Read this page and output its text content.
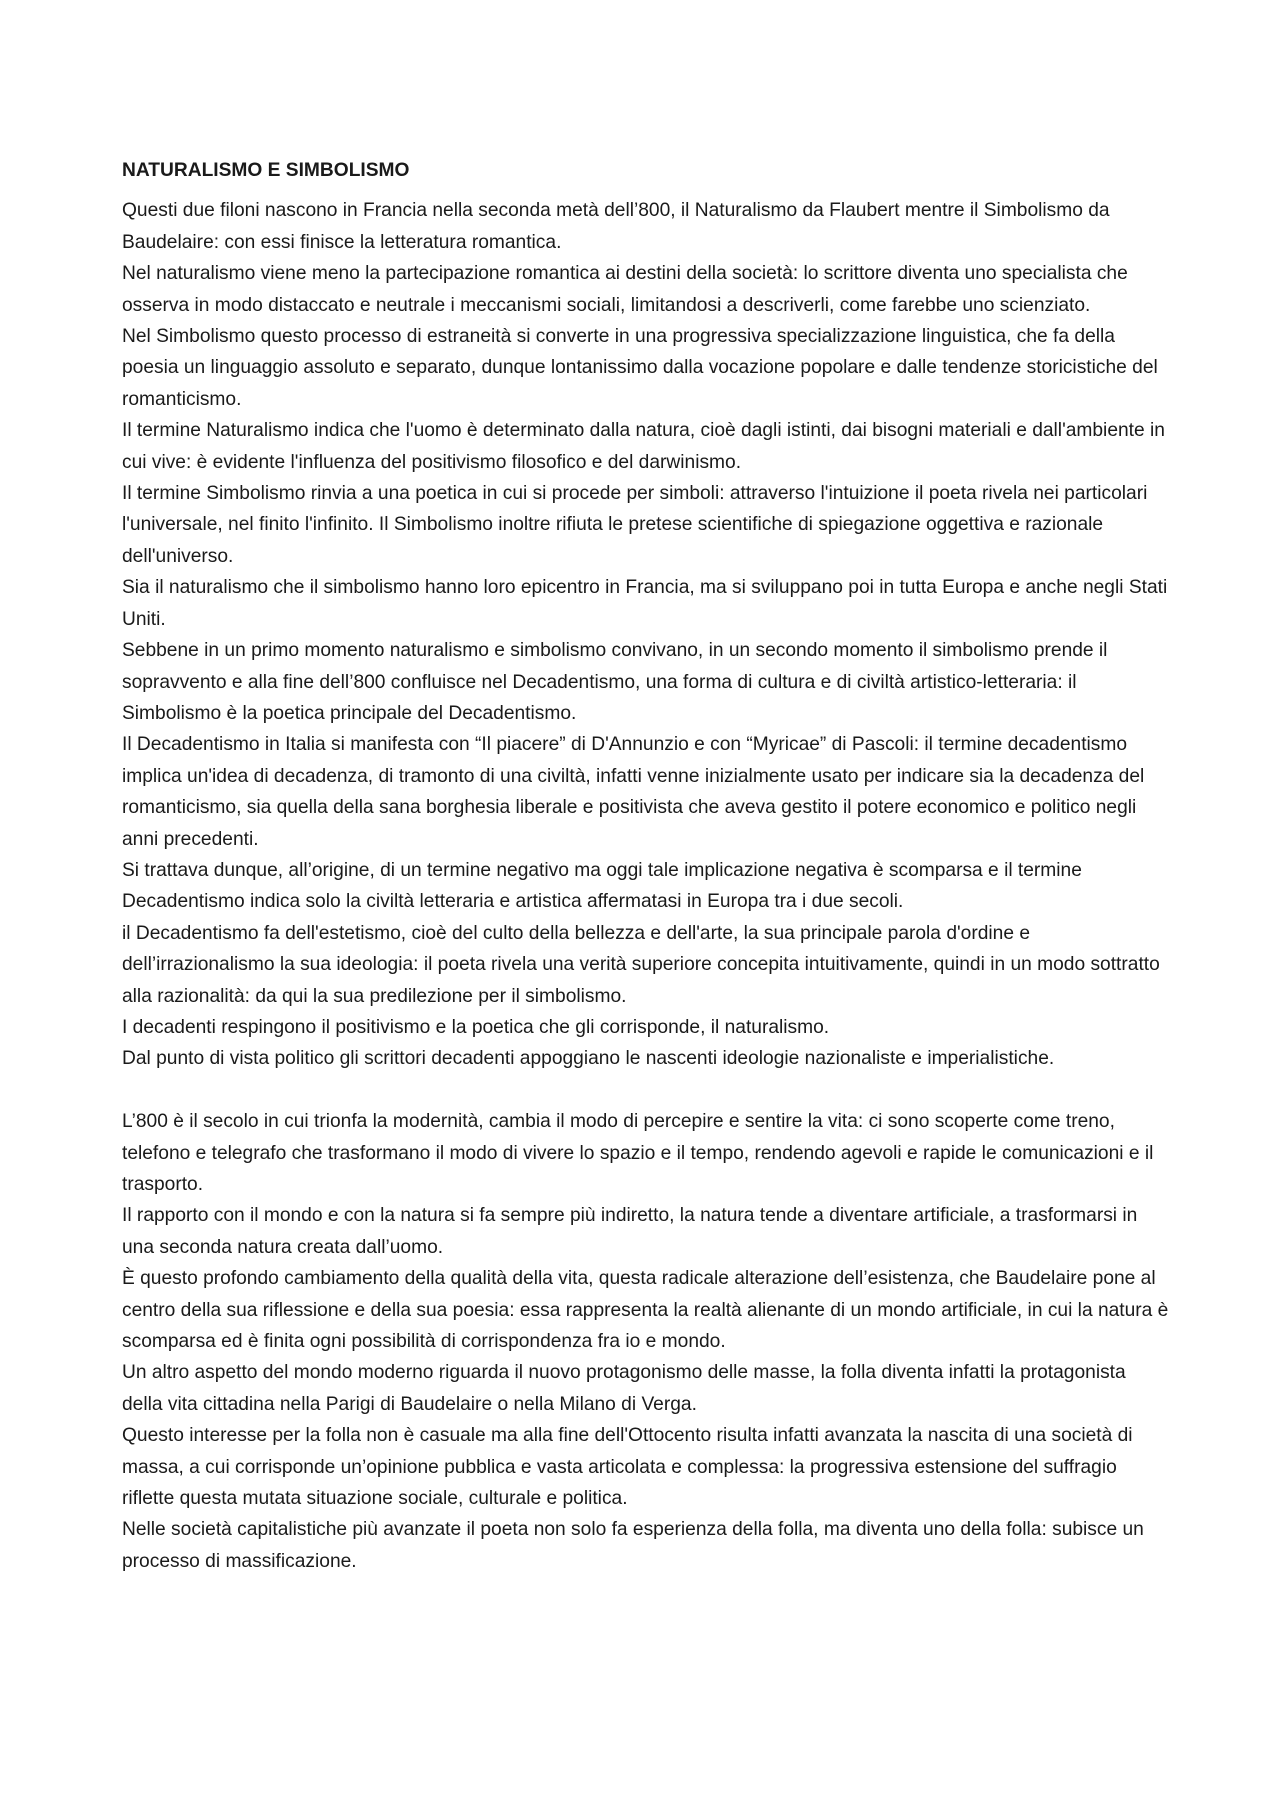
NATURALISMO E SIMBOLISMO

Questi due filoni nascono in Francia nella seconda metà dell’800, il Naturalismo da Flaubert mentre il Simbolismo da Baudelaire: con essi finisce la letteratura romantica.

Nel naturalismo viene meno la partecipazione romantica ai destini della società: lo scrittore diventa uno specialista che osserva in modo distaccato e neutrale i meccanismi sociali, limitandosi a descriverli, come farebbe uno scienziato.

Nel Simbolismo questo processo di estraneità si converte in una progressiva specializzazione linguistica, che fa della poesia un linguaggio assoluto e separato, dunque lontanissimo dalla vocazione popolare e dalle tendenze storicistiche del romanticismo.

Il termine Naturalismo indica che l'uomo è determinato dalla natura, cioè dagli istinti, dai bisogni materiali e dall'ambiente in cui vive: è evidente l'influenza del positivismo filosofico e del darwinismo.

Il termine Simbolismo rinvia a una poetica in cui si procede per simboli: attraverso l'intuizione il poeta rivela nei particolari l'universale, nel finito l'infinito. Il Simbolismo inoltre rifiuta le pretese scientifiche di spiegazione oggettiva e razionale dell'universo.

Sia il naturalismo che il simbolismo hanno loro epicentro in Francia, ma si sviluppano poi in tutta Europa e anche negli Stati Uniti.

Sebbene in un primo momento naturalismo e simbolismo convivano, in un secondo momento il simbolismo prende il sopravvento e alla fine dell’800 confluisce nel Decadentismo, una forma di cultura e di civiltà artistico-letteraria: il Simbolismo è la poetica principale del Decadentismo.

Il Decadentismo in Italia si manifesta con “Il piacere” di D'Annunzio e con “Myricae” di Pascoli: il termine decadentismo implica un'idea di decadenza, di tramonto di una civiltà, infatti venne inizialmente usato per indicare sia la decadenza del romanticismo, sia quella della sana borghesia liberale e positivista che aveva gestito il potere economico e politico negli anni precedenti.

Si trattava dunque, all’origine, di un termine negativo ma oggi tale implicazione negativa è scomparsa e il termine Decadentismo indica solo la civiltà letteraria e artistica affermatasi in Europa tra i due secoli.

il Decadentismo fa dell'estetismo, cioè del culto della bellezza e dell'arte, la sua principale parola d'ordine e dell’irrazionalismo la sua ideologia: il poeta rivela una verità superiore concepita intuitivamente, quindi in un modo sottratto alla razionalità: da qui la sua predilezione per il simbolismo.

I decadenti respingono il positivismo e la poetica che gli corrisponde, il naturalismo.

Dal punto di vista politico gli scrittori decadenti appoggiano le nascenti ideologie nazionaliste e imperialistiche.

L’800 è il secolo in cui trionfa la modernità, cambia il modo di percepire e sentire la vita: ci sono scoperte come treno, telefono e telegrafo che trasformano il modo di vivere lo spazio e il tempo, rendendo agevoli e rapide le comunicazioni e il trasporto.

Il rapporto con il mondo e con la natura si fa sempre più indiretto, la natura tende a diventare artificiale, a trasformarsi in una seconda natura creata dall’uomo.

È questo profondo cambiamento della qualità della vita, questa radicale alterazione dell’esistenza, che Baudelaire pone al centro della sua riflessione e della sua poesia: essa rappresenta la realtà alienante di un mondo artificiale, in cui la natura è scomparsa ed è finita ogni possibilità di corrispondenza fra io e mondo.

Un altro aspetto del mondo moderno riguarda il nuovo protagonismo delle masse, la folla diventa infatti la protagonista della vita cittadina nella Parigi di Baudelaire o nella Milano di Verga.

Questo interesse per la folla non è casuale ma alla fine dell'Ottocento risulta infatti avanzata la nascita di una società di massa, a cui corrisponde un’opinione pubblica e vasta articolata e complessa: la progressiva estensione del suffragio riflette questa mutata situazione sociale, culturale e politica.

Nelle società capitalistiche più avanzate il poeta non solo fa esperienza della folla, ma diventa uno della folla: subisce un processo di massificazione.
